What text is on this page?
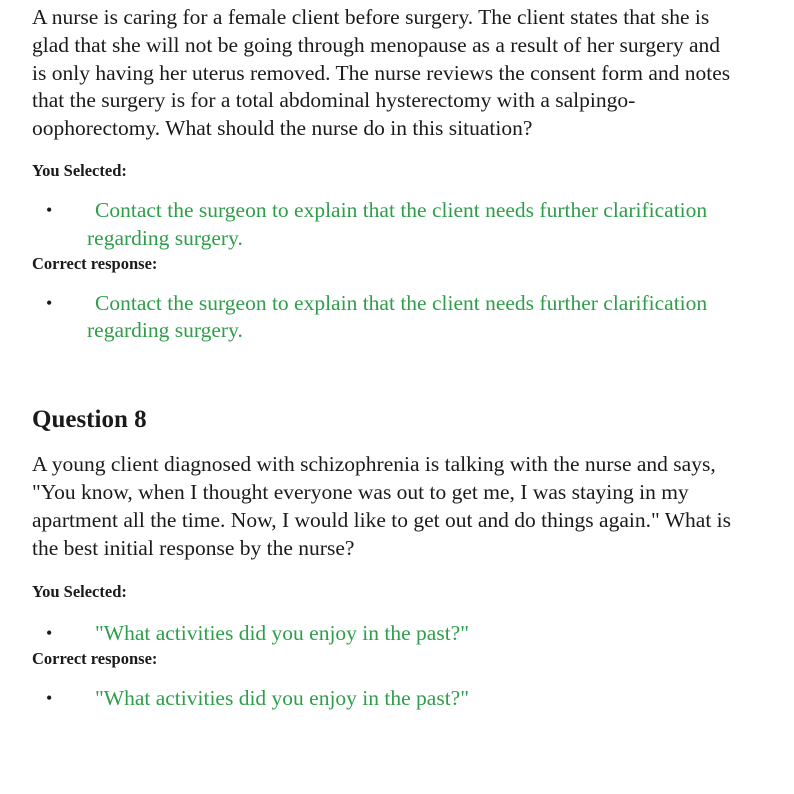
A nurse is caring for a female client before surgery. The client states that she is glad that she will not be going through menopause as a result of her surgery and is only having her uterus removed. The nurse reviews the consent form and notes that the surgery is for a total abdominal hysterectomy with a salpingo-oophorectomy. What should the nurse do in this situation?

You Selected:

•	Contact the surgeon to explain that the client needs further clarification regarding surgery.

Correct response:

•	Contact the surgeon to explain that the client needs further clarification regarding surgery.

Question 8

A young client diagnosed with schizophrenia is talking with the nurse and says, "You know, when I thought everyone was out to get me, I was staying in my apartment all the time. Now, I would like to get out and do things again." What is the best initial response by the nurse?

You Selected:

•	"What activities did you enjoy in the past?"

Correct response:

•	"What activities did you enjoy in the past?"
